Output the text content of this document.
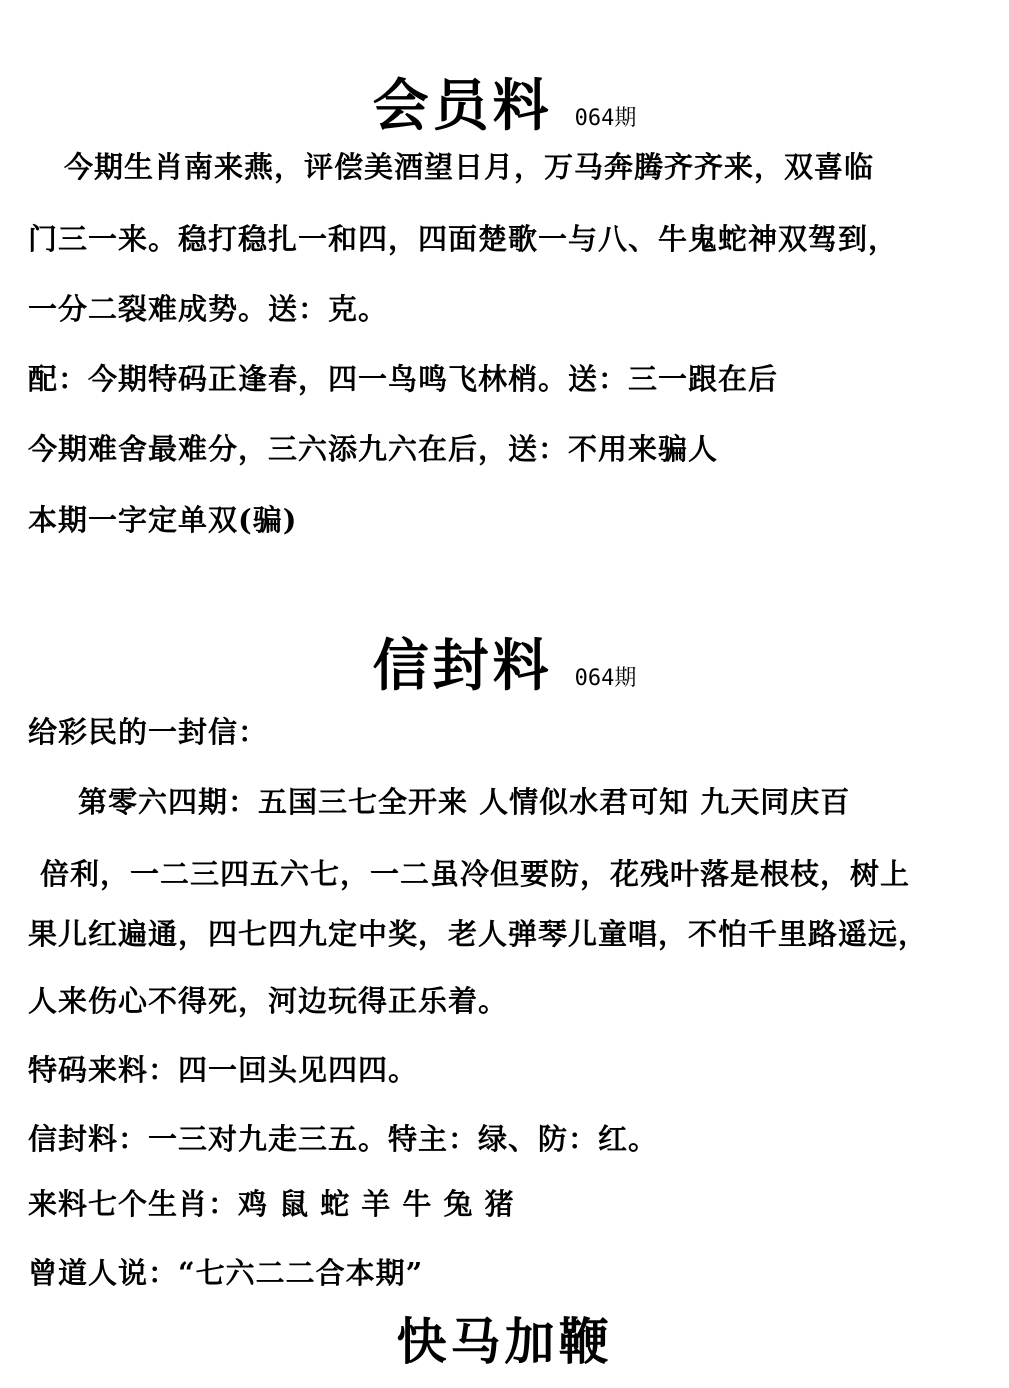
会员料 064期
今期生肖南来燕，评偿美酒望日月，万马奔腾齐齐来，双喜临
门三一来。稳打稳扎一和四，四面楚歌一与八、牛鬼蛇神双驾到，
一分二裂难成势。送：克。
配：今期特码正逢春，四一鸟鸣飞林梢。送：三一跟在后
今期难舍最难分，三六添九六在后，送：不用来骗人
本期一字定单双(骗)
信封料 064期
给彩民的一封信：
第零六四期：五国三七全开来 人情似水君可知 九天同庆百
倍利，一二三四五六七，一二虽冷但要防，花残叶落是根枝，树上
果儿红遍通，四七四九定中奖，老人弹琴儿童唱，不怕千里路遥远，
人来伤心不得死，河边玩得正乐着。
特码来料：四一回头见四四。
信封料：一三对九走三五。特主：绿、防：红。
来料七个生肖：鸡 鼠 蛇 羊 牛 兔 猪
曾道人说：“七六二二合本期”
快马加鞭
